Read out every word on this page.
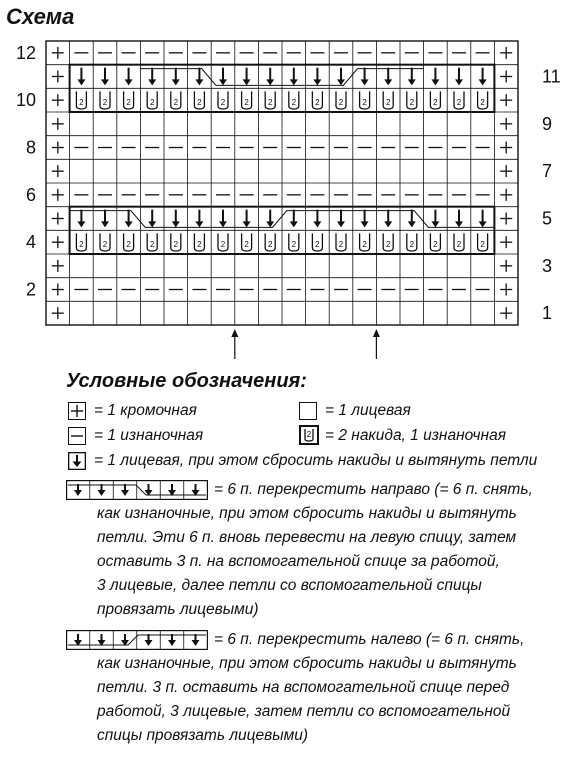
Схема
2 2 2 2 2 2 2 2 2 2 2 2 2 2 2 2 2 2
2 2 2 2 2 2 2 2 2 2 2 2 2 2 2 2 2 2
12
10
8
6
4
2
11
9
7
5
3
1
Условные обозначения:
= 1 кромочная	= 1 лицевая
= 1 изнаночная	2 = 2 накида, 1 изнаночная
= 1 лицевая, при этом сбросить накиды и вытянуть петли
= 6 п. перекрестить направо (= 6 п. снять,
как изнаночные, при этом сбросить накиды и вытянуть
петли. Эти 6 п. вновь перевести на левую спицу, затем
оставить 3 п. на вспомогательной спице за работой,
3 лицевые, далее петли со вспомогательной спицы
провязать лицевыми)
= 6 п. перекрестить налево (= 6 п. снять,
как изнаночные, при этом сбросить накиды и вытянуть
петли. 3 п. оставить на вспомогательной спице перед
работой, 3 лицевые, затем петли со вспомогательной
спицы провязать лицевыми)
